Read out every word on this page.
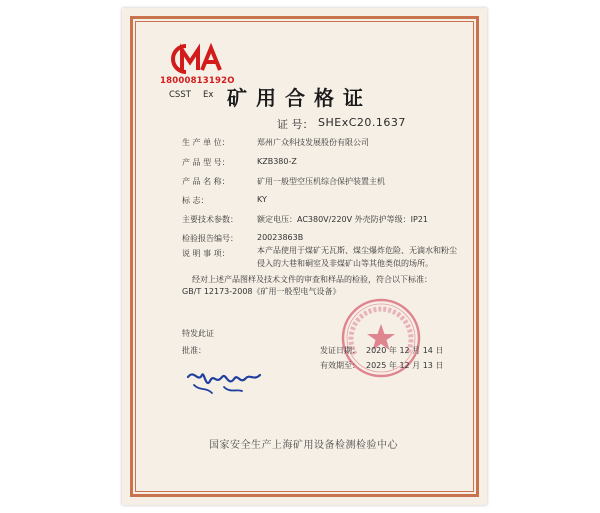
18000813192O
CSST Ex 矿用合格证
证 号： SHExC20.1637
生 产 单 位：	郑州广众科技发展股份有限公司
产 品 型 号：	KZB380-Z
产 品 名 称：	矿用一般型空压机综合保护装置主机
标 志：	KY
主要技术参数： 额定电压：AC380V/220V 外壳防护等级：IP21
检验报告编号： 20023863B
说 明 事 项：	本产品使用于煤矿无瓦斯、煤尘爆炸危险、无滴水和粉尘侵入的大巷和硐室及非煤矿山等其他类似的场所。
经对上述产品图样及技术文件的审查和样品的检验，符合以下标准：
GB/T 12173-2008《矿用一般型电气设备》
特发此证
批准：	发证日期： 2020 年 12 月 14 日
有效期至： 2025 年 12 月 13 日
国家安全生产上海矿用设备检测检验中心
